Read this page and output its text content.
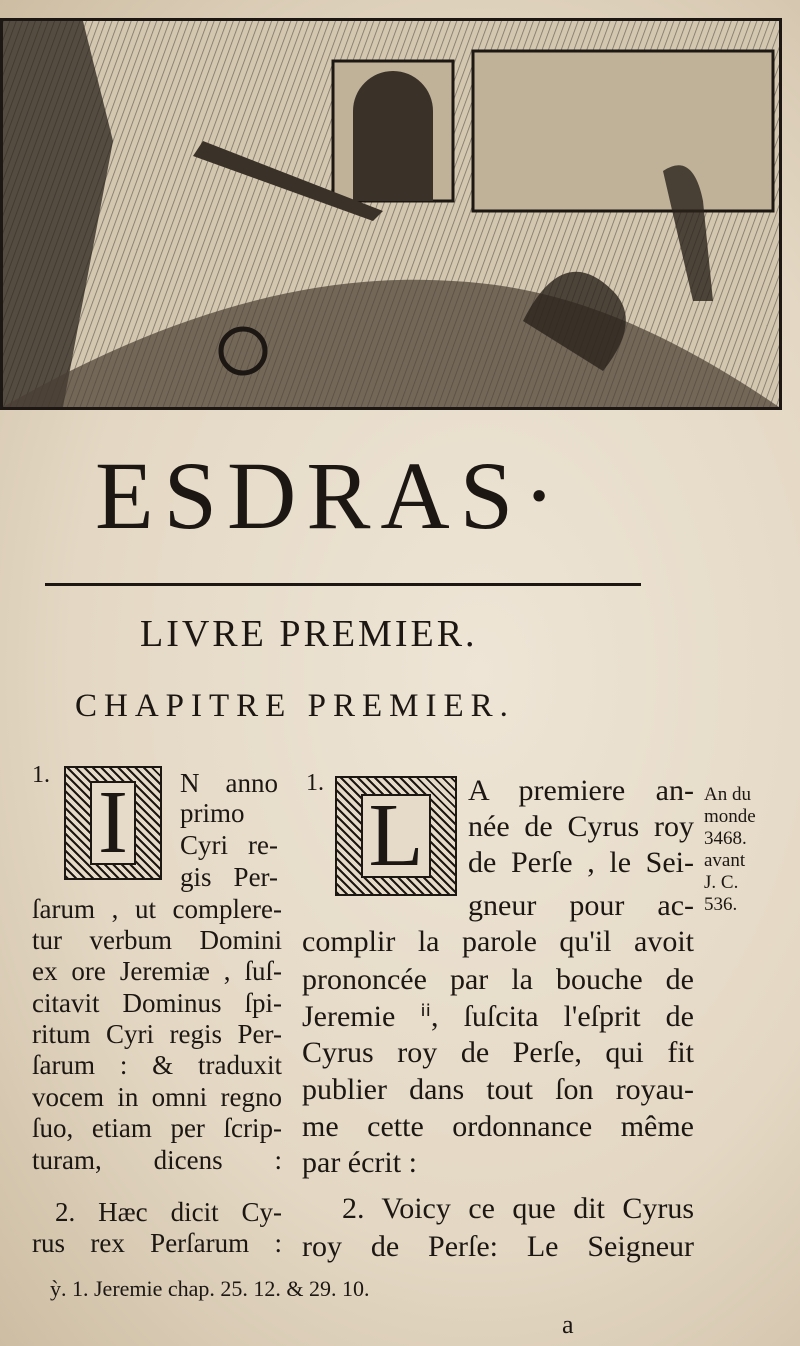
ESDRAS·
LIVRE PREMIER.
CHAPITRE PREMIER.
1. I N anno
primo
Cyri re-
gis Per-
ſarum , ut complere-
tur verbum Domini
ex ore Jeremiæ , ſuſ-
citavit Dominus ſpi-
ritum Cyri regis Per-
ſarum : & traduxit
vocem in omni regno
ſuo, etiam per ſcrip-
turam, dicens :
2. Hæc dicit Cy-
rus rex Perſarum :
1.
L A premiere an-
née de Cyrus roy
de Perſe , le Sei-
gneur pour ac-
complir la parole qu'il avoit
prononcée par la bouche de
Jeremie ⁱⁱ, ſuſcita l'eſprit de
Cyrus roy de Perſe, qui fit
publier dans tout ſon royau-
me cette ordonnance même
par écrit :
2. Voicy ce que dit Cyrus
roy de Perſe: Le Seigneur
An du
monde
3468.
avant
J. C.
536.
ỳ. 1. Jeremie chap. 25. 12. & 29. 10.
a
